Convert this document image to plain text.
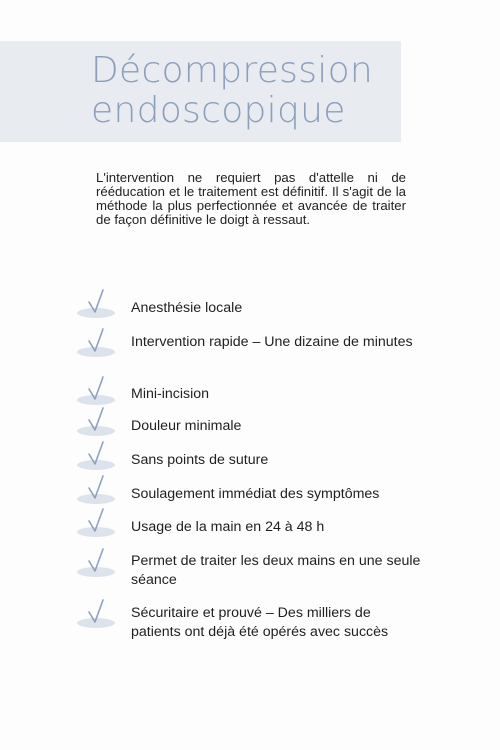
Décompression
endoscopique

L'intervention ne requiert pas d'attelle ni de rééducation et le traitement est définitif. Il s'agit de la méthode la plus perfectionnée et avancée de traiter de façon définitive le doigt à ressaut.

Anesthésie locale
Intervention rapide – Une dizaine de minutes
Mini-incision
Douleur minimale
Sans points de suture
Soulagement immédiat des symptômes
Usage de la main en 24 à 48 h
Permet de traiter les deux mains en une seule séance
Sécuritaire et prouvé – Des milliers de patients ont déjà été opérés avec succès
